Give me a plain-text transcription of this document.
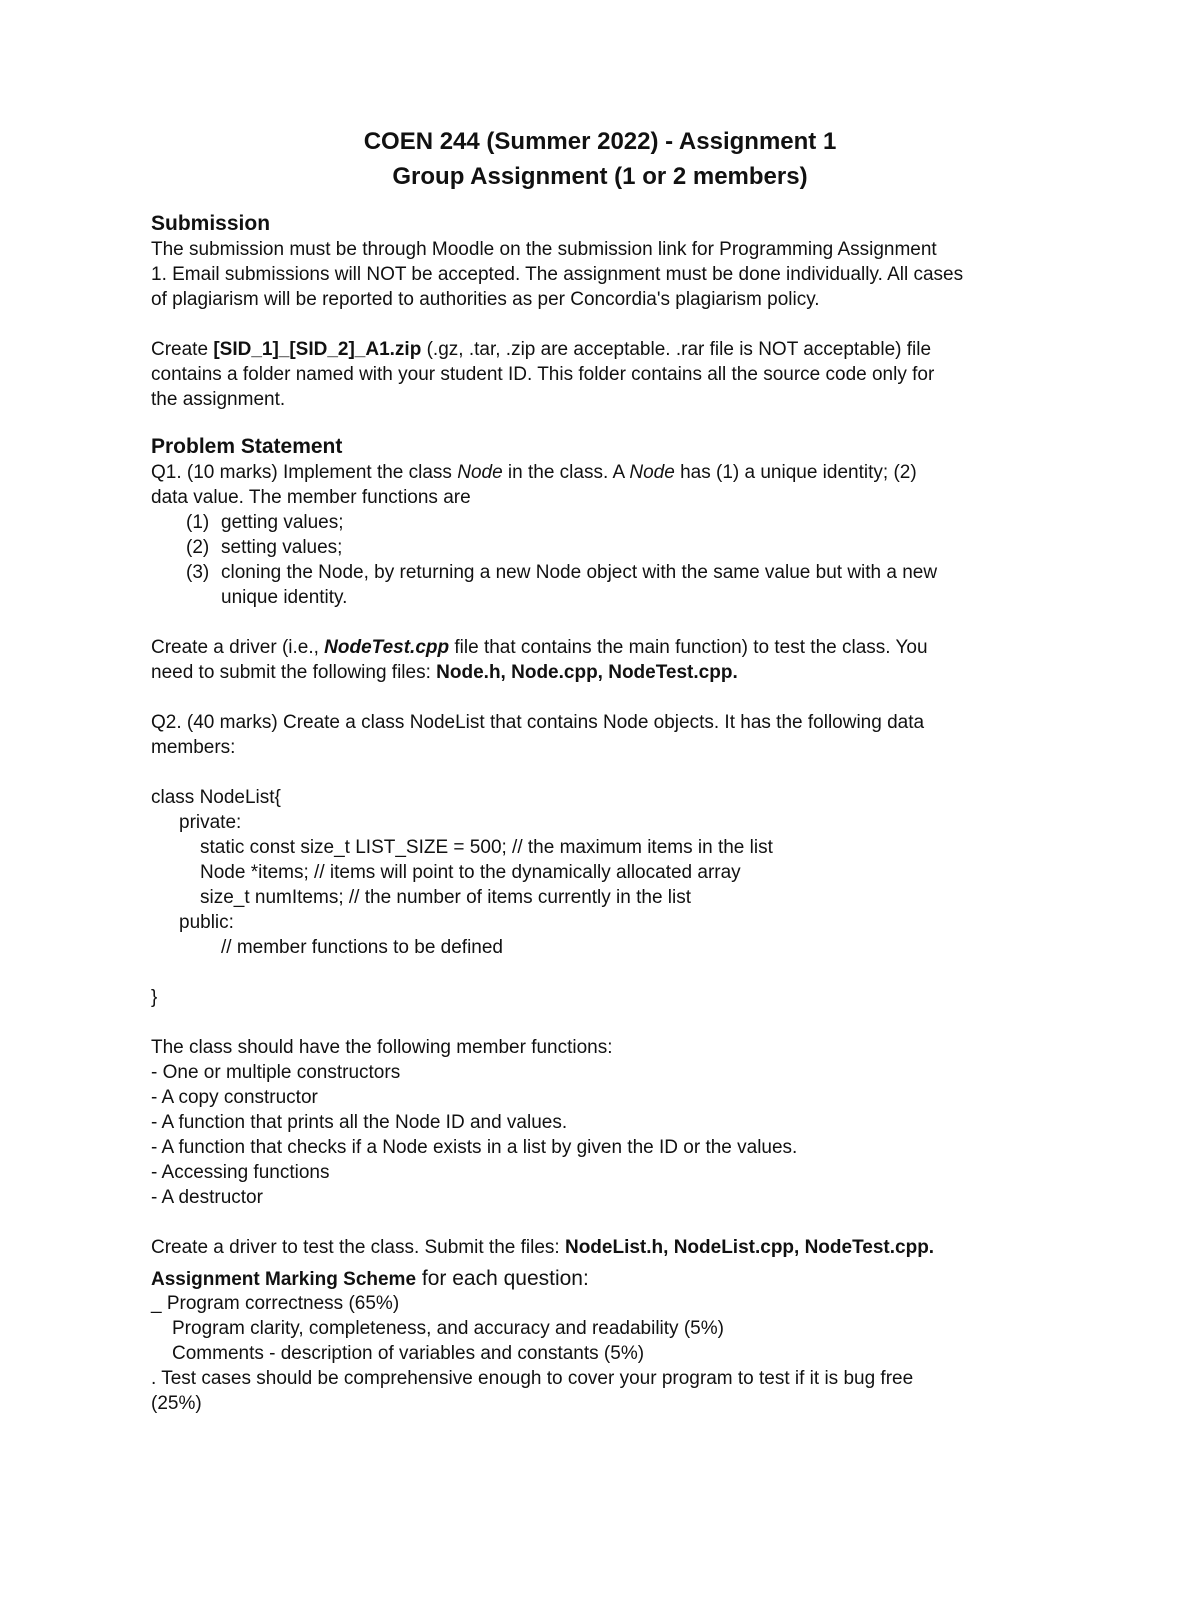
COEN 244 (Summer 2022) - Assignment 1
Group Assignment (1 or 2 members)
Submission
The submission must be through Moodle on the submission link for Programming Assignment
1. Email submissions will NOT be accepted. The assignment must be done individually. All cases
of plagiarism will be reported to authorities as per Concordia's plagiarism policy.
Create [SID_1]_[SID_2]_A1.zip (.gz, .tar, .zip are acceptable. .rar file is NOT acceptable) file
contains a folder named with your student ID. This folder contains all the source code only for
the assignment.
Problem Statement
Q1. (10 marks) Implement the class Node in the class. A Node has (1) a unique identity; (2)
data value. The member functions are
(1) getting values;
(2) setting values;
(3) cloning the Node, by returning a new Node object with the same value but with a new
unique identity.
Create a driver (i.e., NodeTest.cpp file that contains the main function) to test the class. You
need to submit the following files: Node.h, Node.cpp, NodeTest.cpp.
Q2. (40 marks) Create a class NodeList that contains Node objects. It has the following data
members:
class NodeList{
private:
static const size_t LIST_SIZE = 500; // the maximum items in the list
Node *items; // items will point to the dynamically allocated array
size_t numItems; // the number of items currently in the list
public:
// member functions to be defined
}
The class should have the following member functions:
- One or multiple constructors
- A copy constructor
- A function that prints all the Node ID and values.
- A function that checks if a Node exists in a list by given the ID or the values.
- Accessing functions
- A destructor
Create a driver to test the class. Submit the files: NodeList.h, NodeList.cpp, NodeTest.cpp.
Assignment Marking Scheme for each question:
_ Program correctness (65%)
Program clarity, completeness, and accuracy and readability (5%)
Comments - description of variables and constants (5%)
. Test cases should be comprehensive enough to cover your program to test if it is bug free
(25%)
